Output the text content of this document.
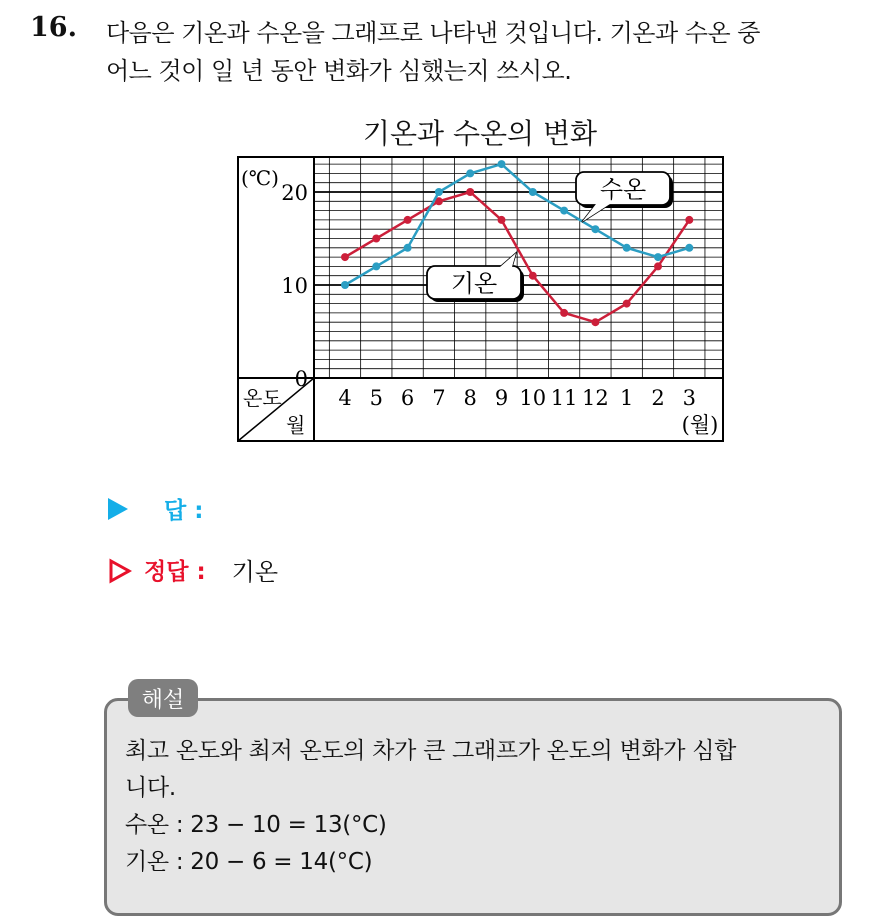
16. 다음은 기온과 수온을 그래프로 나타낸 것입니다. 기온과 수온 중
어느 것이 일 년 동안 변화가 심했는지 쓰시오.
기온과 수온의 변화
(℃)
0
10
20
온도
월
4 5 6 7 8 9 10 11 12 1 2 3
(월)
수온
기온
답 :
정답 : 기온
해설
최고 온도와 최저 온도의 차가 큰 그래프가 온도의 변화가 심합
니다.
수온 : 23 − 10 = 13(°C)
기온 : 20 − 6 = 14(°C)
